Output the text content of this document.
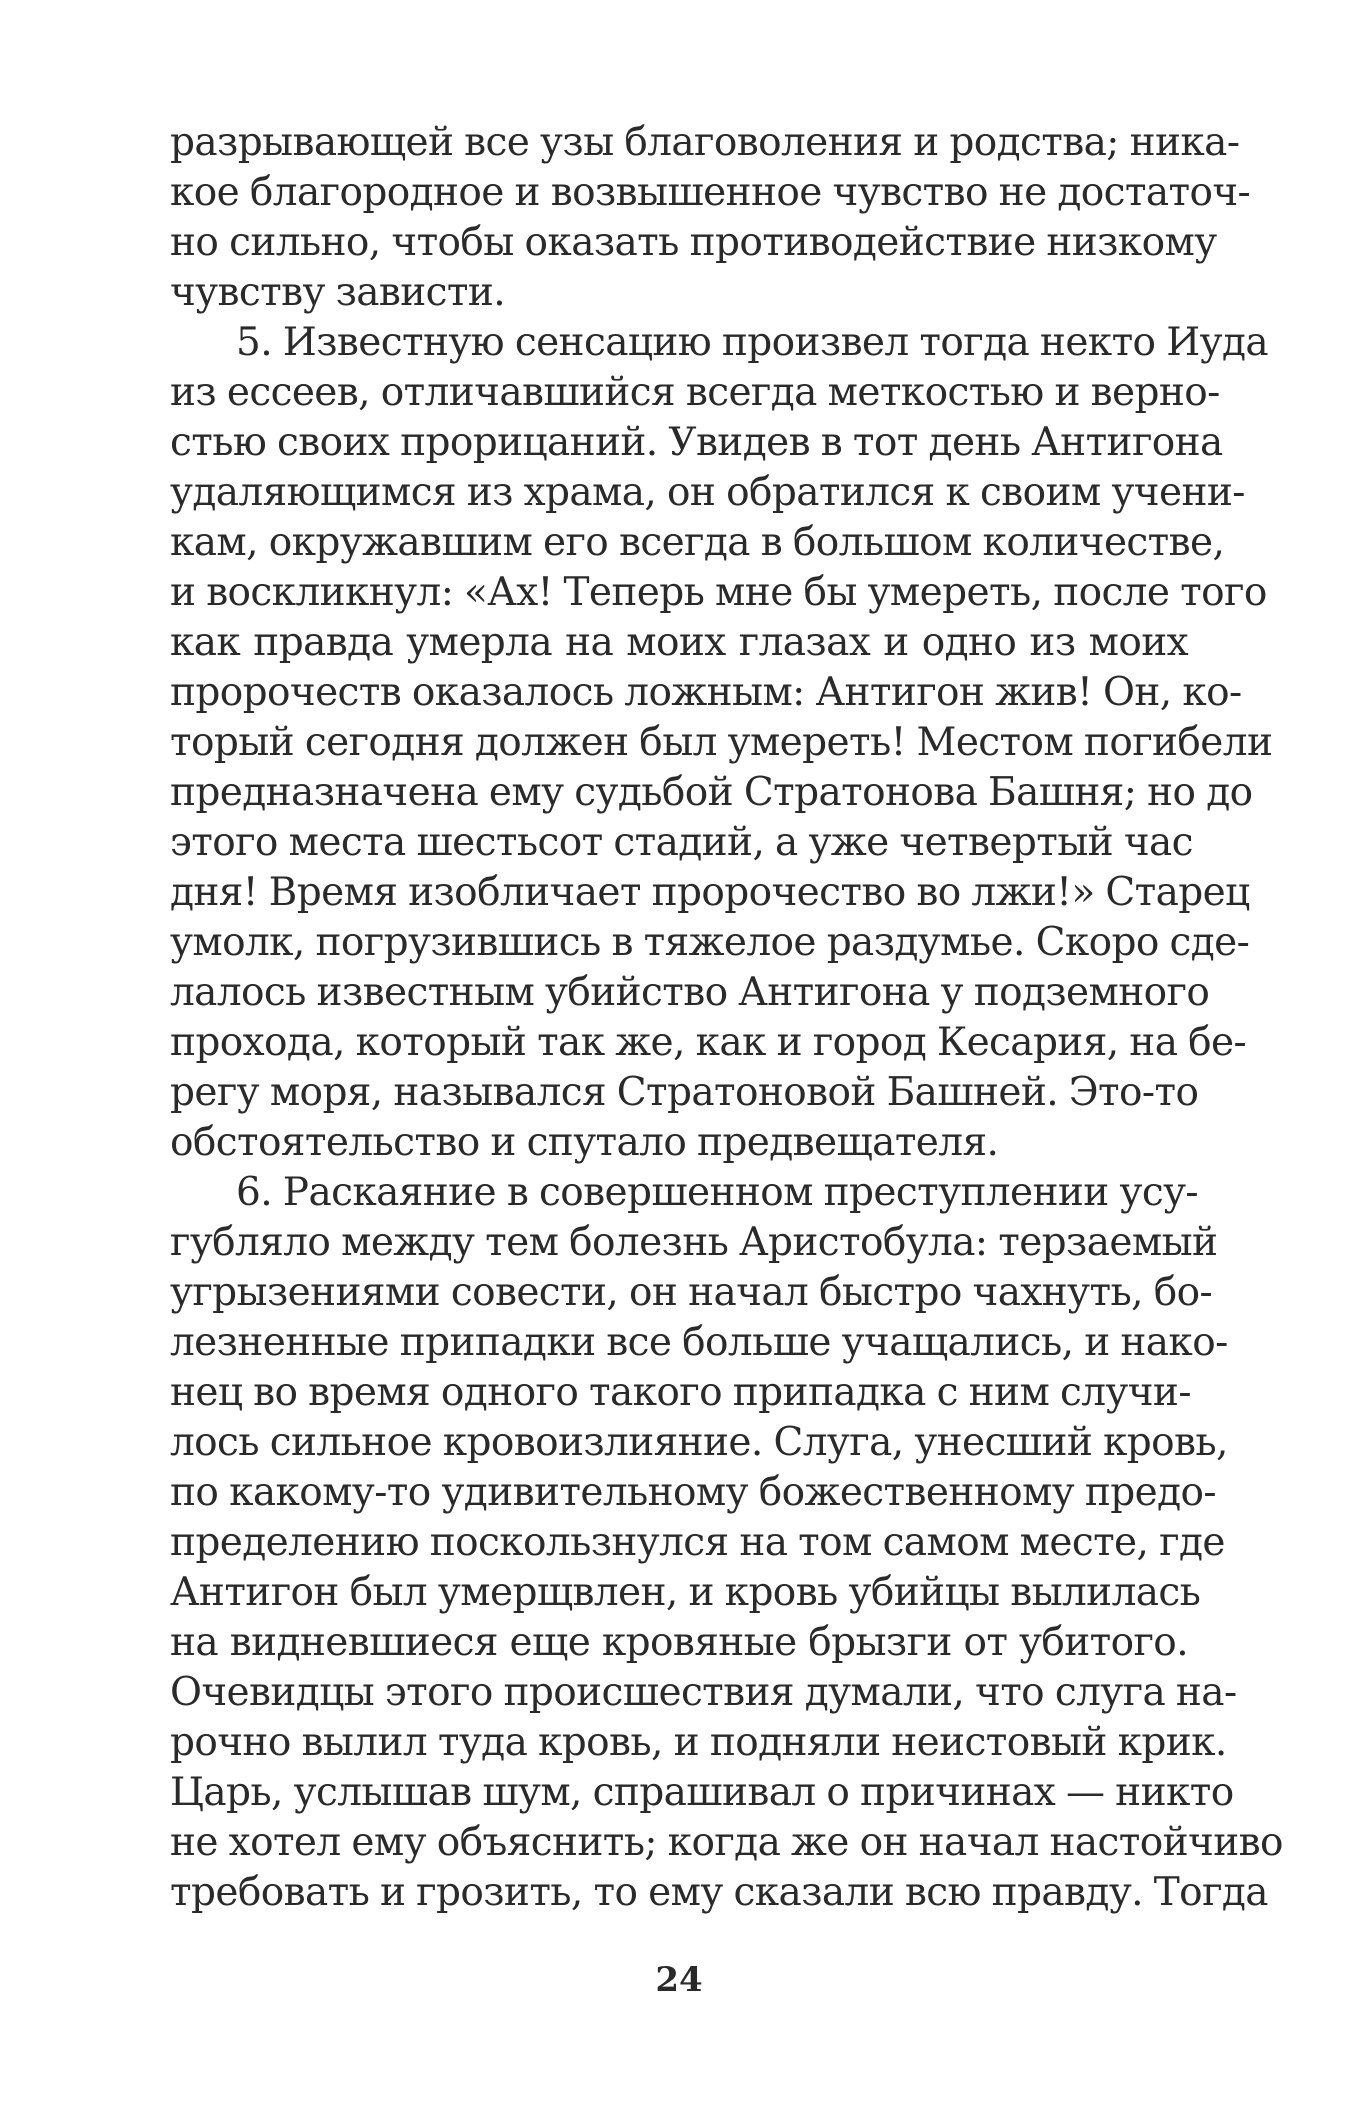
разрывающей все узы благоволения и родства; ника-
кое благородное и возвышенное чувство не достаточ-
но сильно, чтобы оказать противодействие низкому
чувству зависти.
5. Известную сенсацию произвел тогда некто Иуда
из ессеев, отличавшийся всегда меткостью и верно-
стью своих прорицаний. Увидев в тот день Антигона
удаляющимся из храма, он обратился к своим учени-
кам, окружавшим его всегда в большом количестве,
и воскликнул: «Ах! Теперь мне бы умереть, после того
как правда умерла на моих глазах и одно из моих
пророчеств оказалось ложным: Антигон жив! Он, ко-
торый сегодня должен был умереть! Местом погибели
предназначена ему судьбой Стратонова Башня; но до
этого места шестьсот стадий, а уже четвертый час
дня! Время изобличает пророчество во лжи!» Старец
умолк, погрузившись в тяжелое раздумье. Скоро сде-
лалось известным убийство Антигона у подземного
прохода, который так же, как и город Кесария, на бе-
регу моря, назывался Стратоновой Башней. Это-то
обстоятельство и спутало предвещателя.
6. Раскаяние в совершенном преступлении усу-
губляло между тем болезнь Аристобула: терзаемый
угрызениями совести, он начал быстро чахнуть, бо-
лезненные припадки все больше учащались, и нако-
нец во время одного такого припадка с ним случи-
лось сильное кровоизлияние. Слуга, унесший кровь,
по какому-то удивительному божественному предо-
пределению поскользнулся на том самом месте, где
Антигон был умерщвлен, и кровь убийцы вылилась
на видневшиеся еще кровяные брызги от убитого.
Очевидцы этого происшествия думали, что слуга на-
рочно вылил туда кровь, и подняли неистовый крик.
Царь, услышав шум, спрашивал о причинах — никто
не хотел ему объяснить; когда же он начал настойчиво
требовать и грозить, то ему сказали всю правду. Тогда
24
